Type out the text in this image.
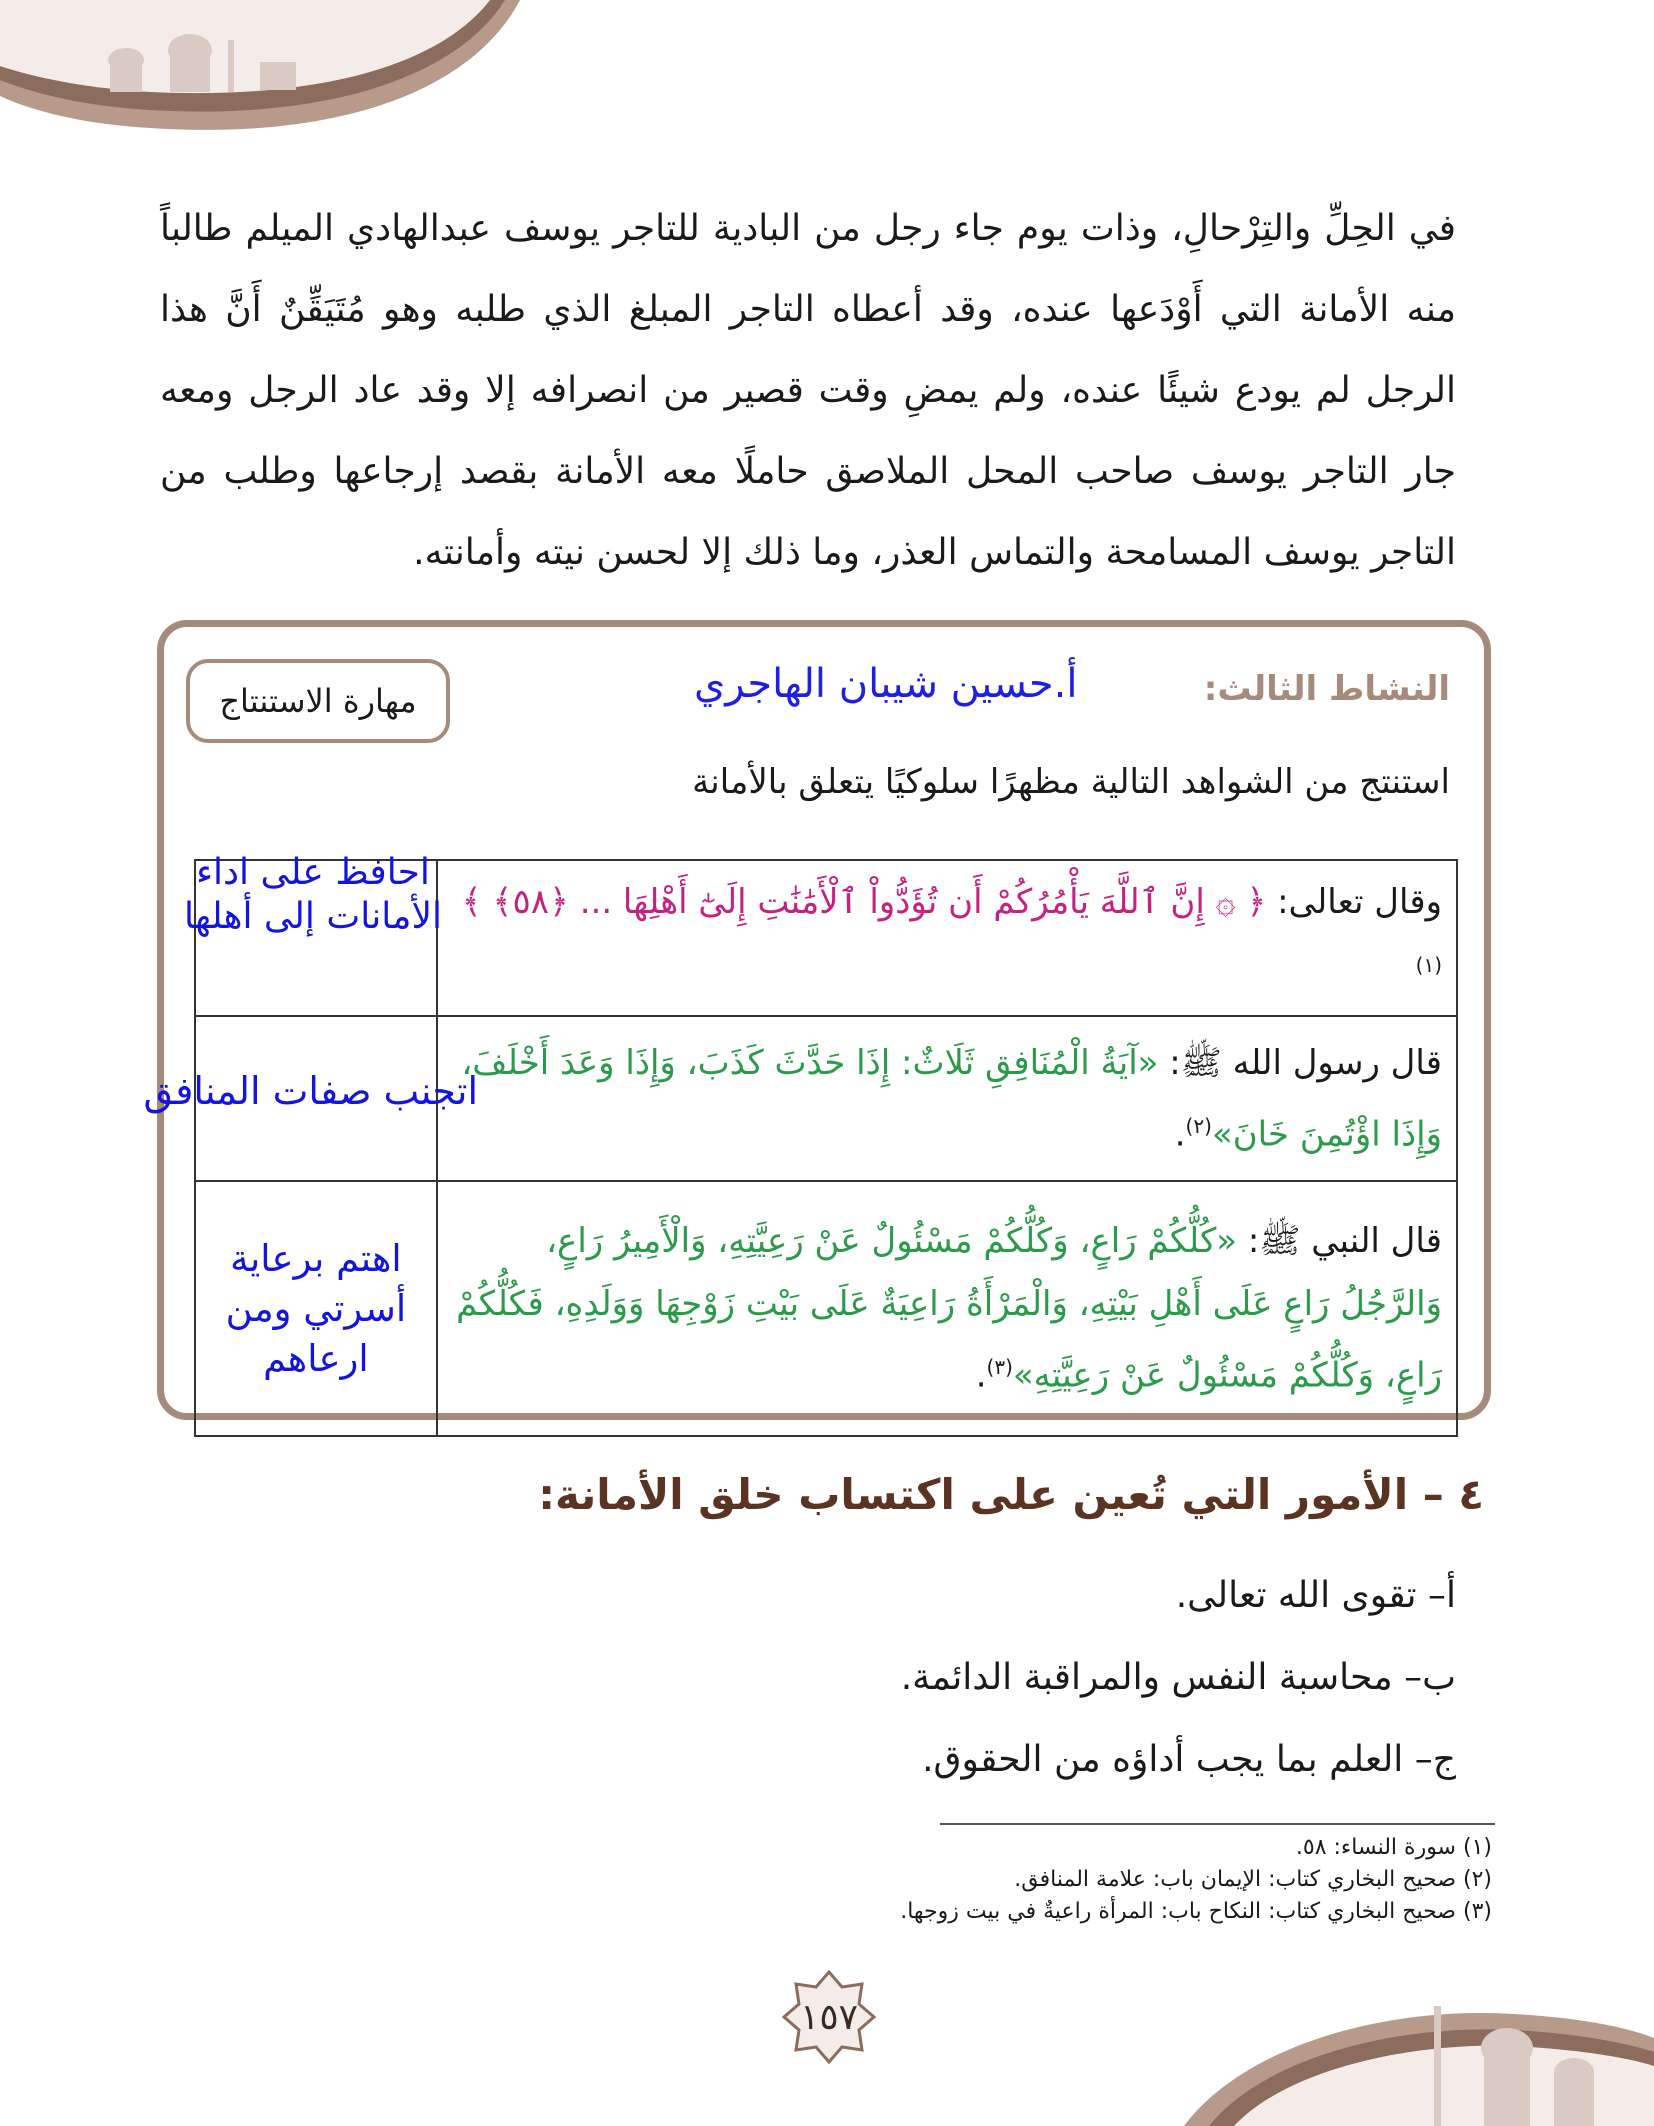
في الحِلِّ والتِرْحالِ، وذات يوم جاء رجل من البادية للتاجر يوسف عبدالهادي الميلم طالباً منه الأمانة التي أَوْدَعها عنده، وقد أعطاه التاجر المبلغ الذي طلبه وهو مُتَيَقِّنٌ أَنَّ هذا الرجل لم يودع شيئًا عنده، ولم يمضِ وقت قصير من انصرافه إلا وقد عاد الرجل ومعه جار التاجر يوسف صاحب المحل الملاصق حاملًا معه الأمانة بقصد إرجاعها وطلب من التاجر يوسف المسامحة والتماس العذر، وما ذلك إلا لحسن نيته وأمانته.
النشاط الثالث:
أ.حسين شيبان الهاجري
مهارة الاستنتاج
استنتج من الشواهد التالية مظهرًا سلوكيًا يتعلق بالأمانة
وقال تعالى: ﴿ ۞ إِنَّ ٱللَّهَ يَأْمُرُكُمْ أَن تُؤَدُّواْ ٱلْأَمَٰنَٰتِ إِلَىٰٓ أَهْلِهَا ... ﴿٥٨﴾ ﴾$^{(١)}$	احافظ على اداء الأمانات إلى أهلها

قال رسول الله ﷺ: «آيَةُ الْمُنَافِقِ ثَلَاثٌ: إِذَا حَدَّثَ كَذَبَ، وَإِذَا وَعَدَ أَخْلَفَ، وَإِذَا اؤْتُمِنَ خَانَ»$^{(٢)}$.	اتجنب صفات المنافق

قال النبي ﷺ: «كُلُّكُمْ رَاعٍ، وَكُلُّكُمْ مَسْئُولٌ عَنْ رَعِيَّتِهِ، وَالْأَمِيرُ رَاعٍ، وَالرَّجُلُ رَاعٍ عَلَى أَهْلِ بَيْتِهِ، وَالْمَرْأَةُ رَاعِيَةٌ عَلَى بَيْتِ زَوْجِهَا وَوَلَدِهِ، فَكُلُّكُمْ رَاعٍ، وَكُلُّكُمْ مَسْئُولٌ عَنْ رَعِيَّتِهِ»$^{(٣)}$.	اهتم برعاية أسرتي ومن ارعاهم
٤ – الأمور التي تُعين على اكتساب خلق الأمانة:
أ– تقوى الله تعالى.
ب– محاسبة النفس والمراقبة الدائمة.
ج– العلم بما يجب أداؤه من الحقوق.
(١) سورة النساء: ٥٨.
(٢) صحيح البخاري كتاب: الإيمان باب: علامة المنافق.
(٣) صحيح البخاري كتاب: النكاح باب: المرأة راعيةٌ في بيت زوجها.
١٥٧
